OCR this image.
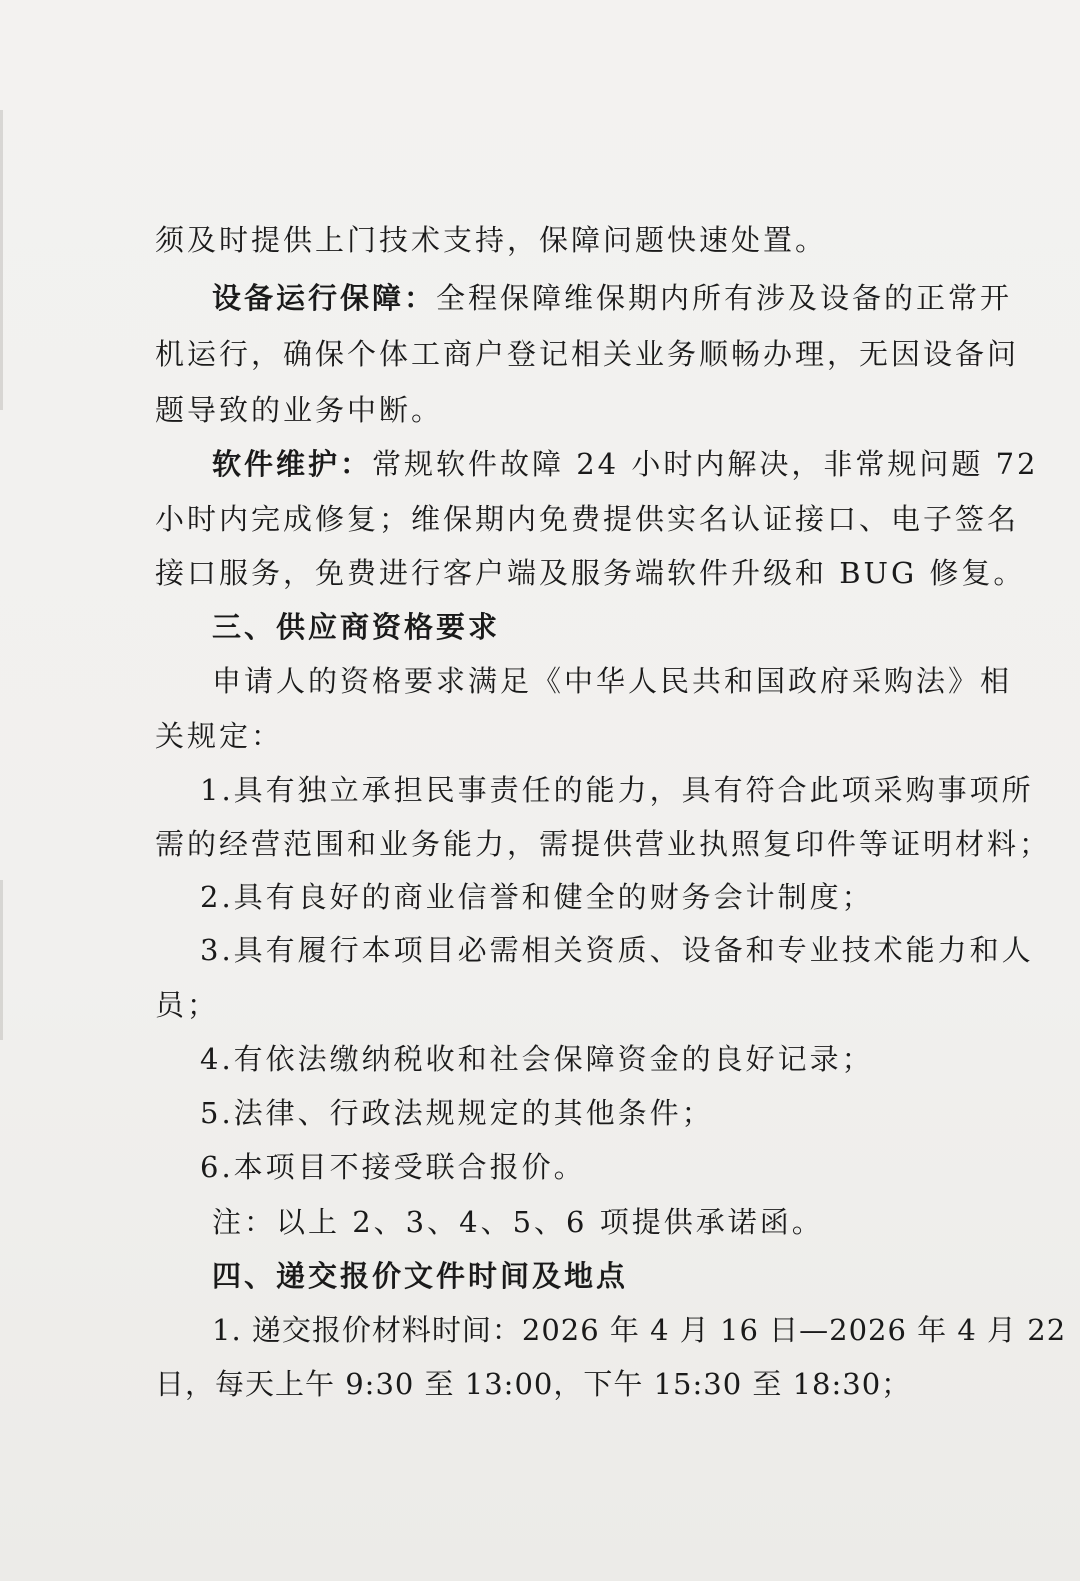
须及时提供上门技术支持，保障问题快速处置。
设备运行保障：全程保障维保期内所有涉及设备的正常开
机运行，确保个体工商户登记相关业务顺畅办理，无因设备问
题导致的业务中断。
软件维护：常规软件故障 24 小时内解决，非常规问题 72
小时内完成修复；维保期内免费提供实名认证接口、电子签名
接口服务，免费进行客户端及服务端软件升级和 BUG 修复。
三、供应商资格要求
申请人的资格要求满足《中华人民共和国政府采购法》相
关规定：
1.具有独立承担民事责任的能力，具有符合此项采购事项所
需的经营范围和业务能力，需提供营业执照复印件等证明材料；
2.具有良好的商业信誉和健全的财务会计制度；
3.具有履行本项目必需相关资质、设备和专业技术能力和人
员；
4.有依法缴纳税收和社会保障资金的良好记录；
5.法律、行政法规规定的其他条件；
6.本项目不接受联合报价。
注：以上 2、3、4、5、6 项提供承诺函。
四、递交报价文件时间及地点
1. 递交报价材料时间：2026 年 4 月 16 日—2026 年 4 月 22
日，每天上午 9:30 至 13:00，下午 15:30 至 18:30；
